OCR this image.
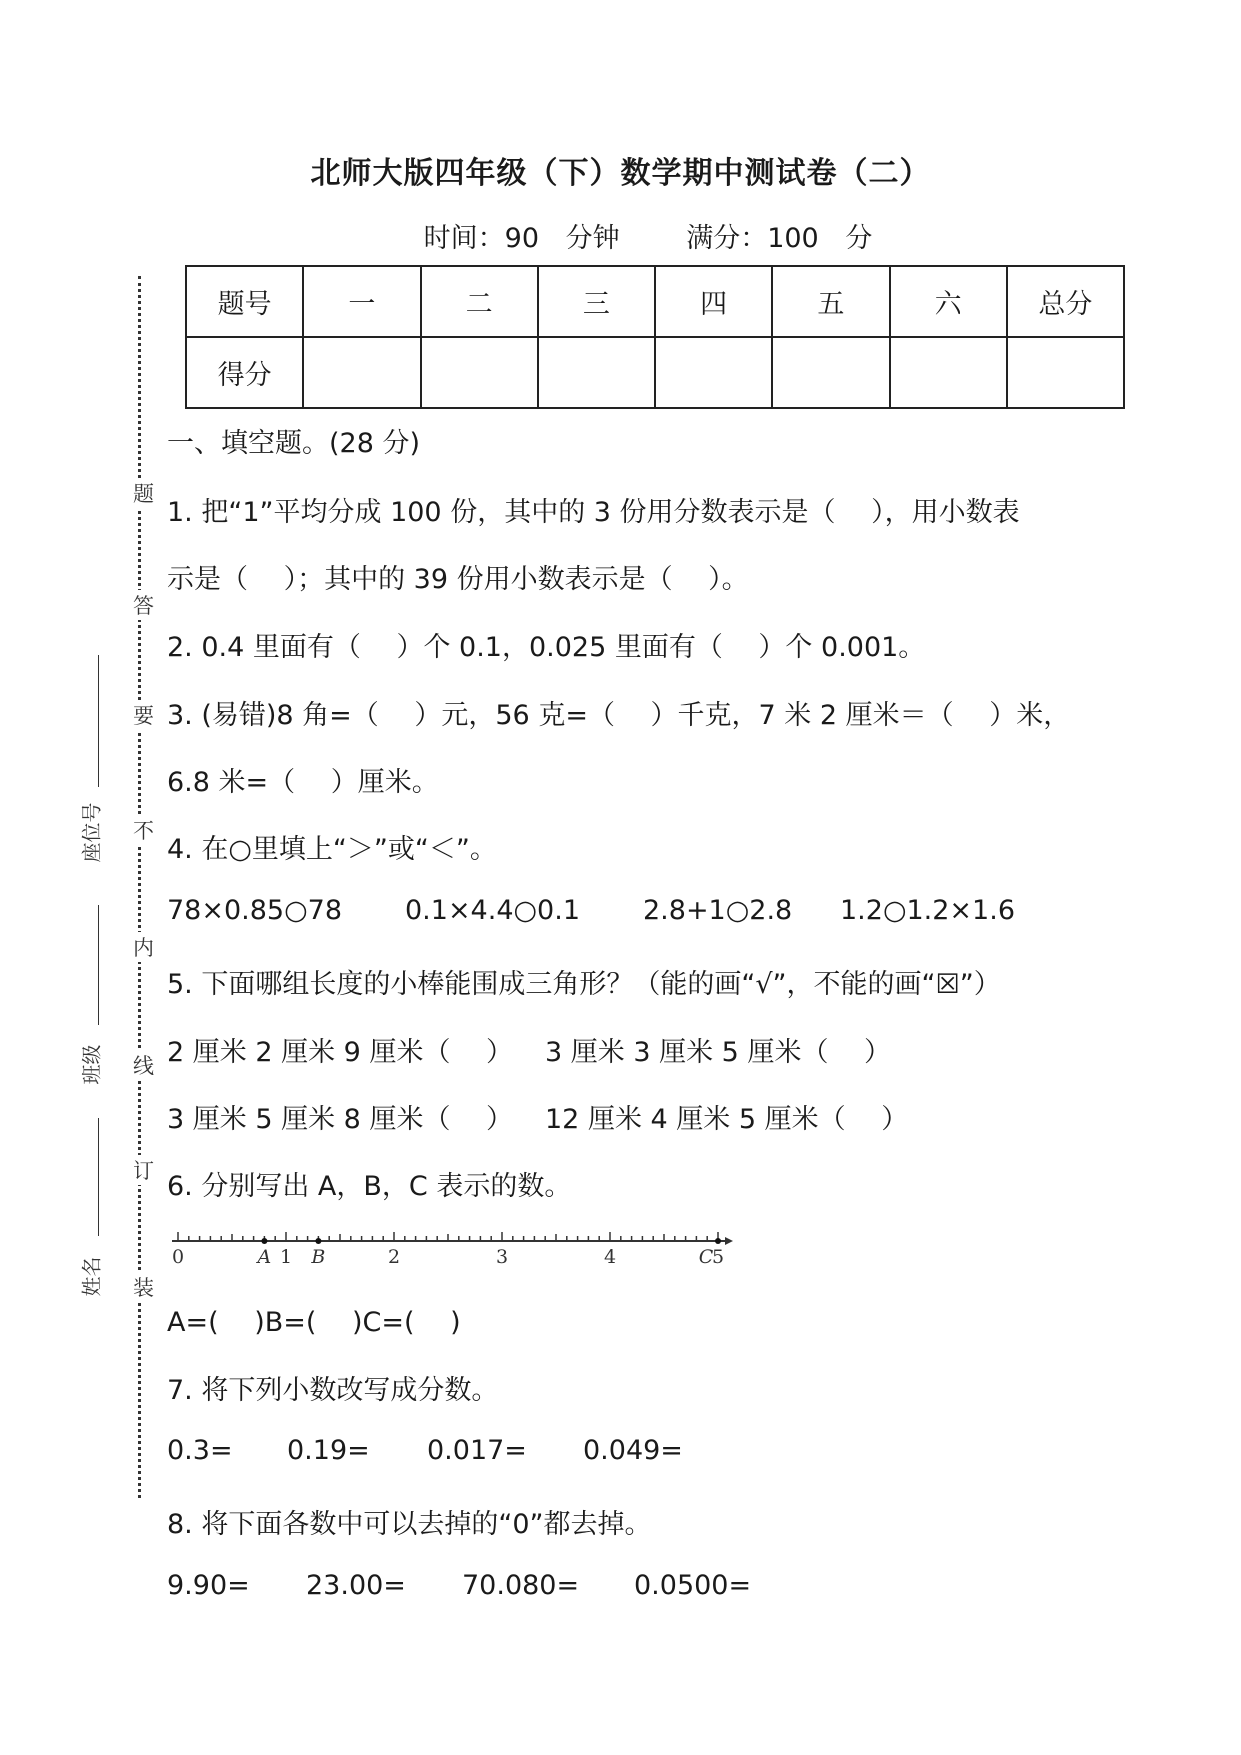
北师大版四年级（下）数学期中测试卷（二）
时间：90 分钟 满分：100 分
题号	一	二	三	四	五	六	总分
得分							
题
答
要
不
内
线
订
装
座位号
班级
姓名
一、填空题。(28 分)
1. 把“1”平均分成 100 份，其中的 3 份用分数表示是（　 ），用小数表
示是（　 ）；其中的 39 份用小数表示是（　 ）。
2. 0.4 里面有（　 ）个 0.1，0.025 里面有（　 ）个 0.001。
3. (易错)8 角=（　 ）元，56 克=（　 ）千克，7 米 2 厘米＝（　 ）米，
6.8 米=（　 ）厘米。
4. 在○里填上“＞”或“＜”。
78×0.85○78 0.1×4.4○0.1 2.8+1○2.8 1.2○1.2×1.6
5. 下面哪组长度的小棒能围成三角形？（能的画“√”，不能的画“☒”）
2 厘米 2 厘米 9 厘米（　 ） 3 厘米 3 厘米 5 厘米（　 ）
3 厘米 5 厘米 8 厘米（　 ） 12 厘米 4 厘米 5 厘米（　 ）
6. 分别写出 A，B，C 表示的数。
0	1	2	3	4	5
A B	C
A=(　 )B=(　 )C=(　 )
7. 将下列小数改写成分数。
0.3= 0.19= 0.017= 0.049=
8. 将下面各数中可以去掉的“0”都去掉。
9.90= 23.00= 70.080= 0.0500=
